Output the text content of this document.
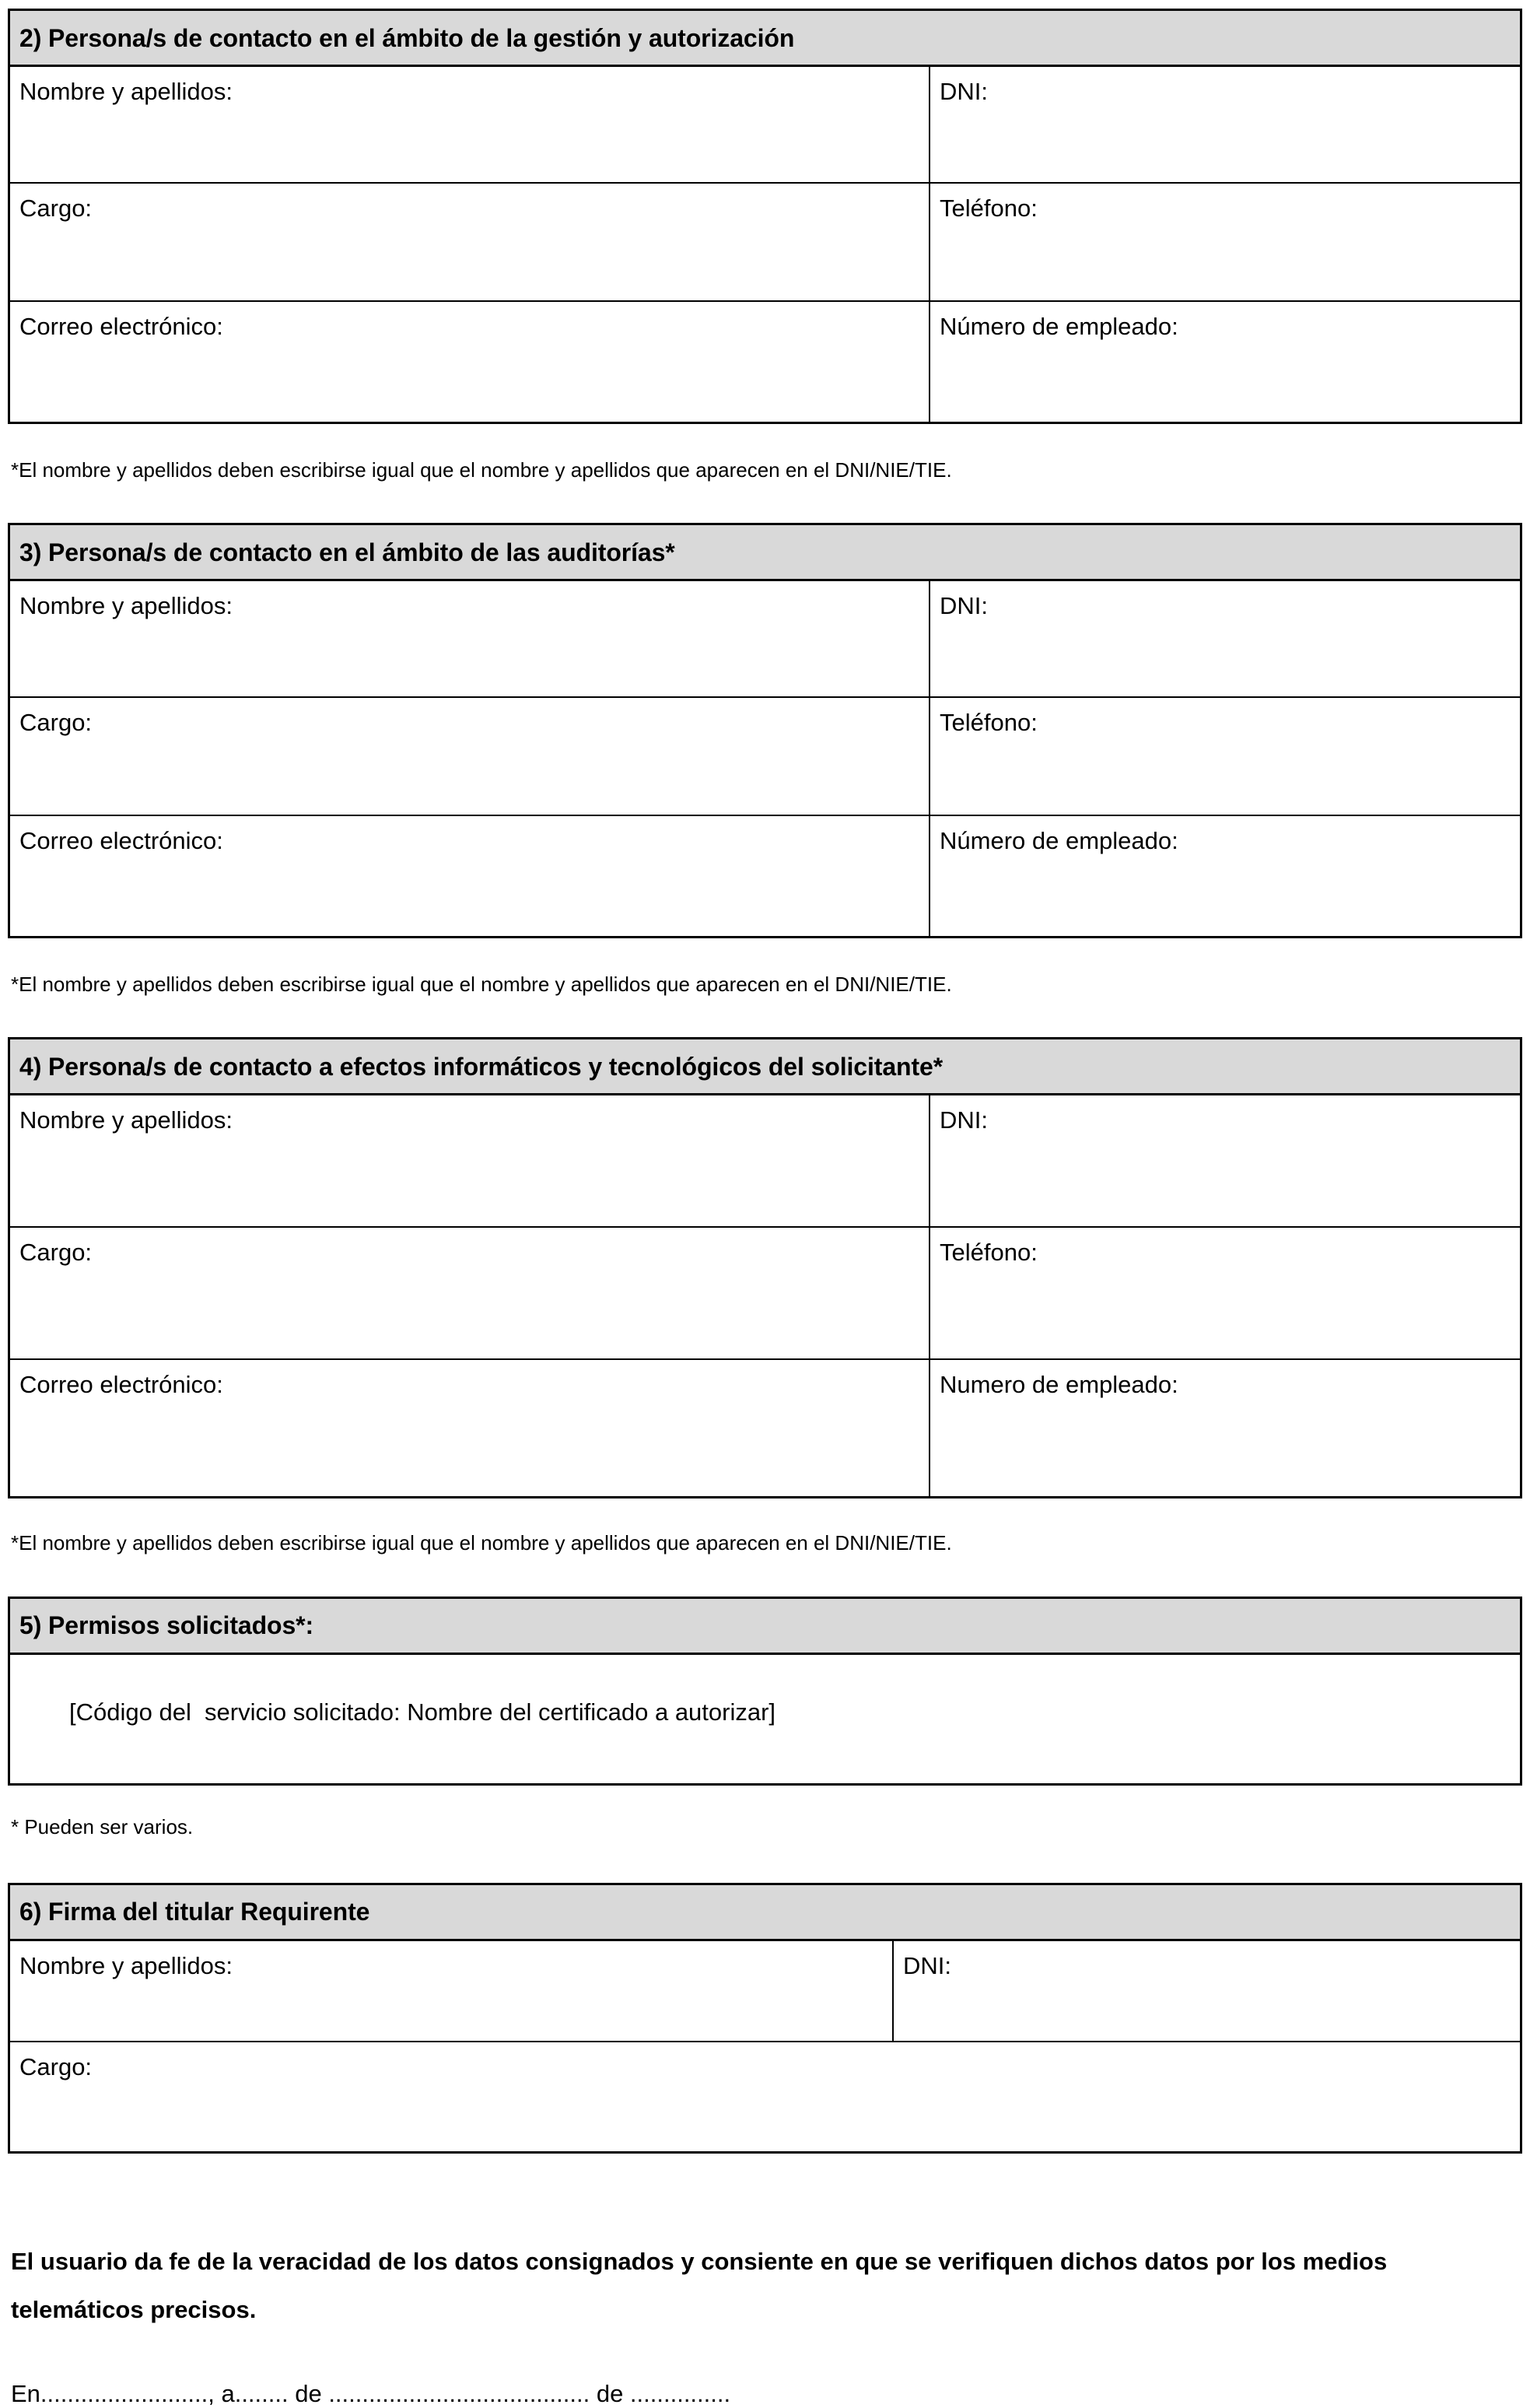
2) Persona/s de contacto en el ámbito de la gestión y autorización
Nombre y apellidos:	DNI:
Cargo:	Teléfono:
Correo electrónico:	Número de empleado:
*El nombre y apellidos deben escribirse igual que el nombre y apellidos que aparecen en el DNI/NIE/TIE.
3) Persona/s de contacto en el ámbito de las auditorías*
Nombre y apellidos:	DNI:
Cargo:	Teléfono:
Correo electrónico:	Número de empleado:
*El nombre y apellidos deben escribirse igual que el nombre y apellidos que aparecen en el DNI/NIE/TIE.
4) Persona/s de contacto a efectos informáticos y tecnológicos del solicitante*
Nombre y apellidos:	DNI:
Cargo:	Teléfono:
Correo electrónico:	Numero de empleado:
*El nombre y apellidos deben escribirse igual que el nombre y apellidos que aparecen en el DNI/NIE/TIE.
5) Permisos solicitados*:
[Código del  servicio solicitado: Nombre del certificado a autorizar]
* Pueden ser varios.
6) Firma del titular Requirente
Nombre y apellidos:	DNI:
Cargo:
El usuario da fe de la veracidad de los datos consignados y consiente en que se verifiquen dichos datos por los medios telemáticos precisos.
En........................., a........ de ....................................... de ...............
